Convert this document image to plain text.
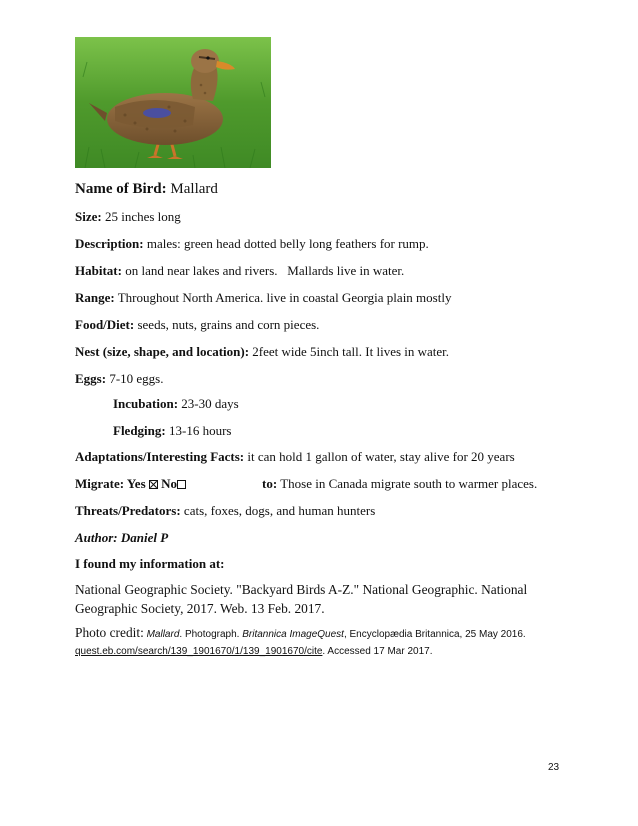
Name of Bird: Mallard
Size: 25 inches long
Description: males: green head dotted belly long feathers for rump.
Habitat: on land near lakes and rivers.   Mallards live in water.
Range: Throughout North America. live in coastal Georgia plain mostly
Food/Diet: seeds, nuts, grains and corn pieces.
Nest (size, shape, and location): 2feet wide 5inch tall. It lives in water.
Eggs: 7-10 eggs.
Incubation: 23-30 days
Fledging: 13-16 hours
Adaptations/Interesting Facts: it can hold 1 gallon of water, stay alive for 20 years
Migrate: Yes No	to: Those in Canada migrate south to warmer places.
Threats/Predators: cats, foxes, dogs, and human hunters
Author: Daniel P
I found my information at:
National Geographic Society. "Backyard Birds A-Z." National Geographic. National Geographic Society, 2017. Web. 13 Feb. 2017.
Photo credit: Mallard. Photograph. Britannica ImageQuest, Encyclopædia Britannica, 25 May 2016.
quest.eb.com/search/139_1901670/1/139_1901670/cite. Accessed 17 Mar 2017.
23
